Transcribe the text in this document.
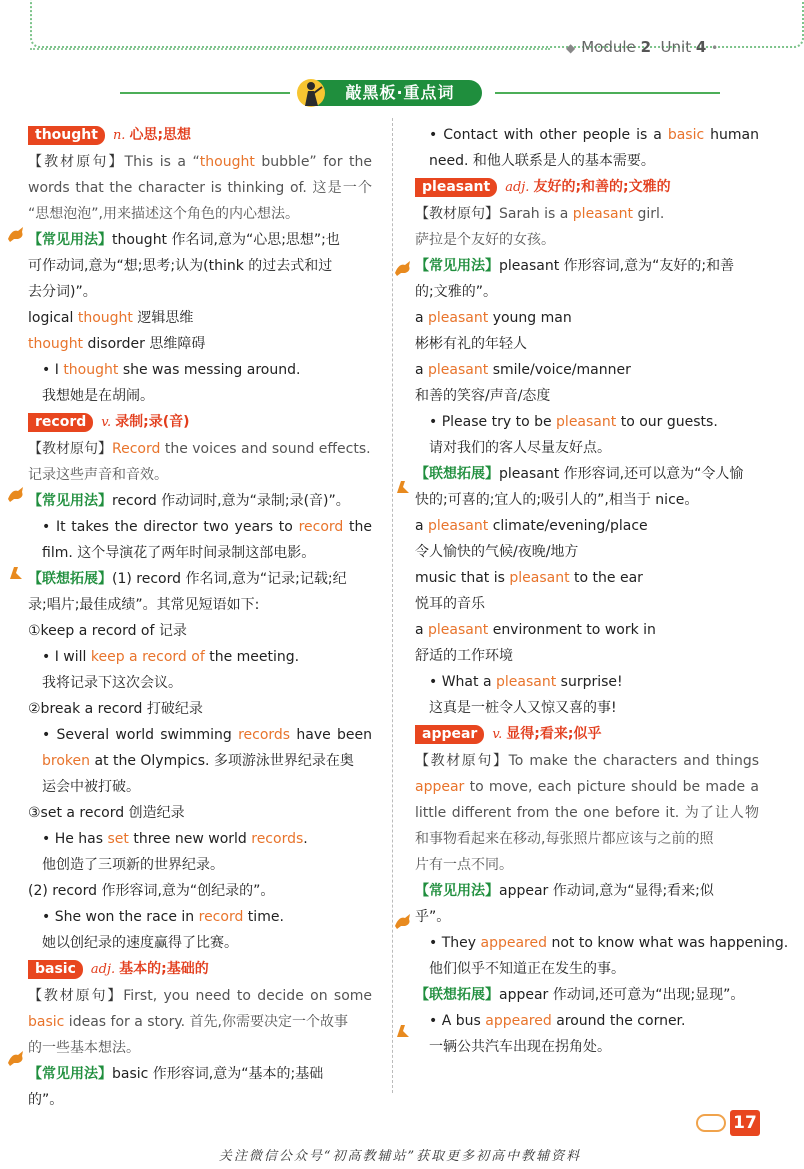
◆ Module 2 Unit 4 •
敲黑板·重点词
thought n. 心思;思想
【教材原句】This is a “thought bubble” for the
words that the character is thinking of. 这是一个
“思想泡泡”,用来描述这个角色的内心想法。
【常见用法】thought 作名词,意为“心思;思想”;也
可作动词,意为“想;思考;认为(think 的过去式和过
去分词)”。
logical thought 逻辑思维
thought disorder 思维障碍
• I thought she was messing around.
我想她是在胡闹。
record v. 录制;录(音)
【教材原句】Record the voices and sound effects.
记录这些声音和音效。
【常见用法】record 作动词时,意为“录制;录(音)”。
• It takes the director two years to record the
film. 这个导演花了两年时间录制这部电影。
【联想拓展】(1) record 作名词,意为“记录;记载;纪
录;唱片;最佳成绩”。其常见短语如下:
①keep a record of 记录
• I will keep a record of the meeting.
我将记录下这次会议。
②break a record 打破纪录
• Several world swimming records have been
broken at the Olympics. 多项游泳世界纪录在奥
运会中被打破。
③set a record 创造纪录
• He has set three new world records.
他创造了三项新的世界纪录。
(2) record 作形容词,意为“创纪录的”。
• She won the race in record time.
她以创纪录的速度赢得了比赛。
basic adj. 基本的;基础的
【教材原句】First, you need to decide on some
basic ideas for a story. 首先,你需要决定一个故事
的一些基本想法。
【常见用法】basic 作形容词,意为“基本的;基础
的”。
• Contact with other people is a basic human
need. 和他人联系是人的基本需要。
pleasant adj. 友好的;和善的;文雅的
【教材原句】Sarah is a pleasant girl.
萨拉是个友好的女孩。
【常见用法】pleasant 作形容词,意为“友好的;和善
的;文雅的”。
a pleasant young man
彬彬有礼的年轻人
a pleasant smile/voice/manner
和善的笑容/声音/态度
• Please try to be pleasant to our guests.
请对我们的客人尽量友好点。
【联想拓展】pleasant 作形容词,还可以意为“令人愉
快的;可喜的;宜人的;吸引人的”,相当于 nice。
a pleasant climate/evening/place
令人愉快的气候/夜晚/地方
music that is pleasant to the ear
悦耳的音乐
a pleasant environment to work in
舒适的工作环境
• What a pleasant surprise!
这真是一桩令人又惊又喜的事!
appear v. 显得;看来;似乎
【教材原句】To make the characters and things
appear to move, each picture should be made a
little different from the one before it. 为了让人物
和事物看起来在移动,每张照片都应该与之前的照
片有一点不同。
【常见用法】appear 作动词,意为“显得;看来;似
乎”。
• They appeared not to know what was happening.
他们似乎不知道正在发生的事。
【联想拓展】appear 作动词,还可意为“出现;显现”。
• A bus appeared around the corner.
一辆公共汽车出现在拐角处。
17
关注微信公众号“初高教辅站”获取更多初高中教辅资料
